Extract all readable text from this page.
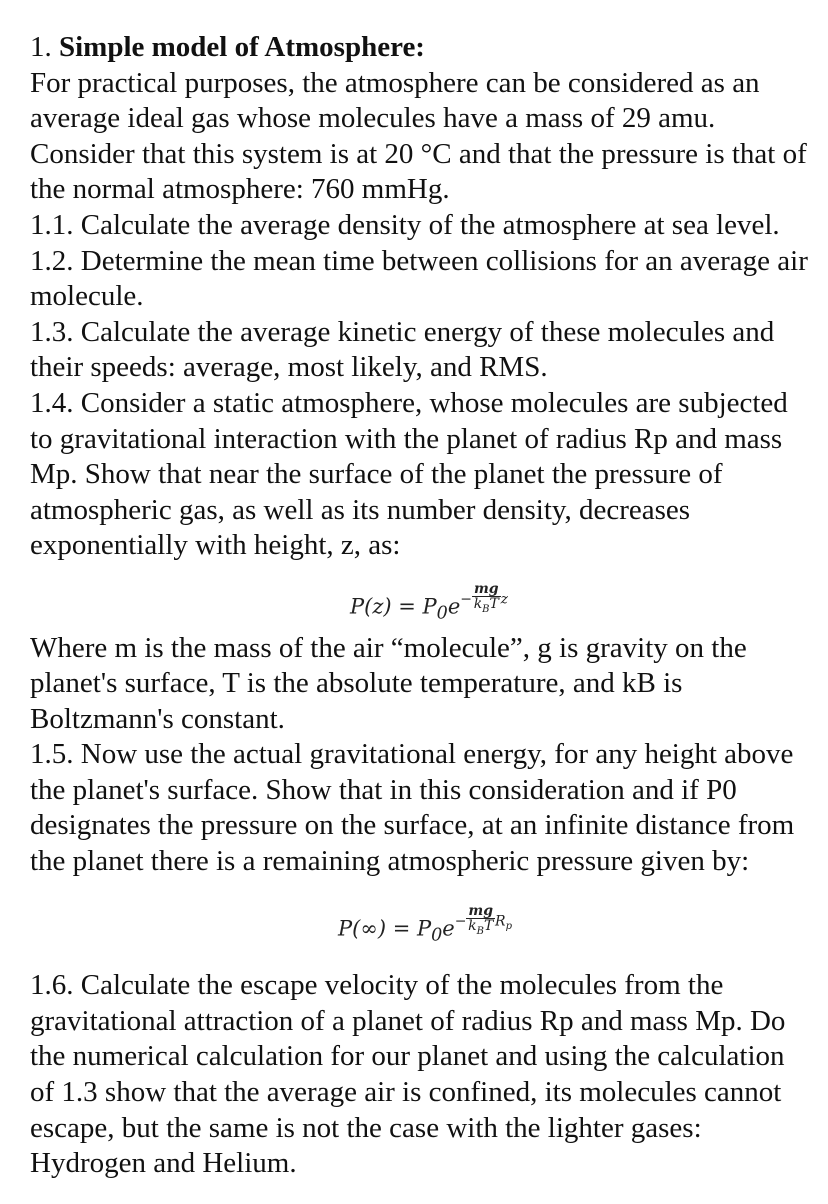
1. Simple model of Atmosphere:

For practical purposes, the atmosphere can be considered as an average ideal gas whose molecules have a mass of 29 amu. Consider that this system is at 20 °C and that the pressure is that of the normal atmosphere: 760 mmHg.

1.1. Calculate the average density of the atmosphere at sea level.

1.2. Determine the mean time between collisions for an average air molecule.

1.3. Calculate the average kinetic energy of these molecules and their speeds: average, most likely, and RMS.

1.4. Consider a static atmosphere, whose molecules are subjected to gravitational interaction with the planet of radius Rp and mass Mp. Show that near the surface of the planet the pressure of atmospheric gas, as well as its number density, decreases exponentially with height, z, as:

$P(z) = P_0e- \frac{mg}{k_BT}$ z

Where m is the mass of the air “molecule”, g is gravity on the planet's surface, T is the absolute temperature, and kB is Boltzmann's constant.

1.5. Now use the actual gravitational energy, for any height above the planet's surface. Show that in this consideration and if P0 designates the pressure on the surface, at an infinite distance from the planet there is a remaining atmospheric pressure given by:

$P(\infty) = P_0e- \frac{mg}{k_BT} R_p$

1.6. Calculate the escape velocity of the molecules from the gravitational attraction of a planet of radius Rp and mass Mp. Do the numerical calculation for our planet and using the calculation of 1.3 show that the average air is confined, its molecules cannot escape, but the same is not the case with the lighter gases: Hydrogen and Helium.
